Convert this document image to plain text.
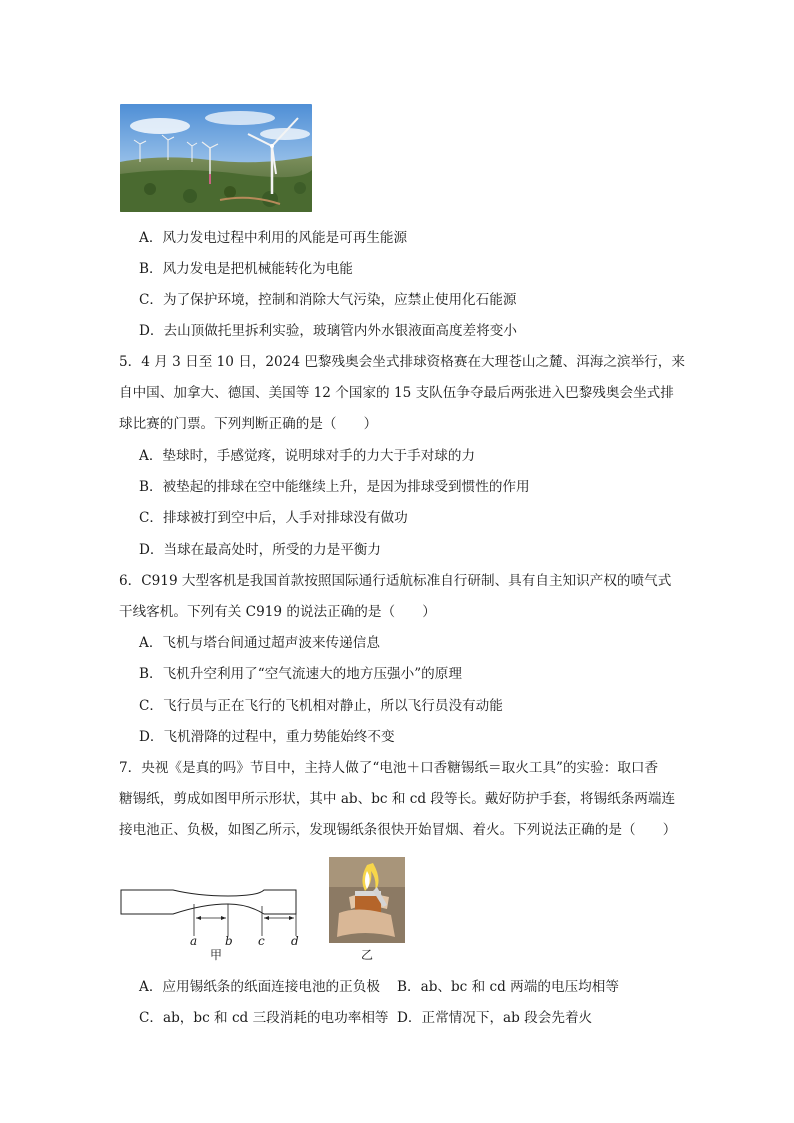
A．风力发电过程中利用的风能是可再生能源
B．风力发电是把机械能转化为电能
C．为了保护环境，控制和消除大气污染，应禁止使用化石能源
D．去山顶做托里拆利实验，玻璃管内外水银液面高度差将变小
5．4 月 3 日至 10 日，2024 巴黎残奥会坐式排球资格赛在大理苍山之麓、洱海之滨举行，来
自中国、加拿大、德国、美国等 12 个国家的 15 支队伍争夺最后两张进入巴黎残奥会坐式排
球比赛的门票。下列判断正确的是（　　）
A．垫球时，手感觉疼，说明球对手的力大于手对球的力
B．被垫起的排球在空中能继续上升，是因为排球受到惯性的作用
C．排球被打到空中后，人手对排球没有做功
D．当球在最高处时，所受的力是平衡力
6．C919 大型客机是我国首款按照国际通行适航标准自行研制、具有自主知识产权的喷气式
干线客机。下列有关 C919 的说法正确的是（　　）
A．飞机与塔台间通过超声波来传递信息
B．飞机升空利用了“空气流速大的地方压强小”的原理
C．飞行员与正在飞行的飞机相对静止，所以飞行员没有动能
D．飞机滑降的过程中，重力势能始终不变
7．央视《是真的吗》节目中，主持人做了“电池＋口香糖锡纸＝取火工具”的实验：取口香
糖锡纸，剪成如图甲所示形状，其中 ab、bc 和 cd 段等长。戴好防护手套，将锡纸条两端连
接电池正、负极，如图乙所示，发现锡纸条很快开始冒烟、着火。下列说法正确的是（　　）
a b c d
甲	乙
A．应用锡纸条的纸面连接电池的正负极 B．ab、bc 和 cd 两端的电压均相等
C．ab，bc 和 cd 三段消耗的电功率相等 D．正常情况下，ab 段会先着火
